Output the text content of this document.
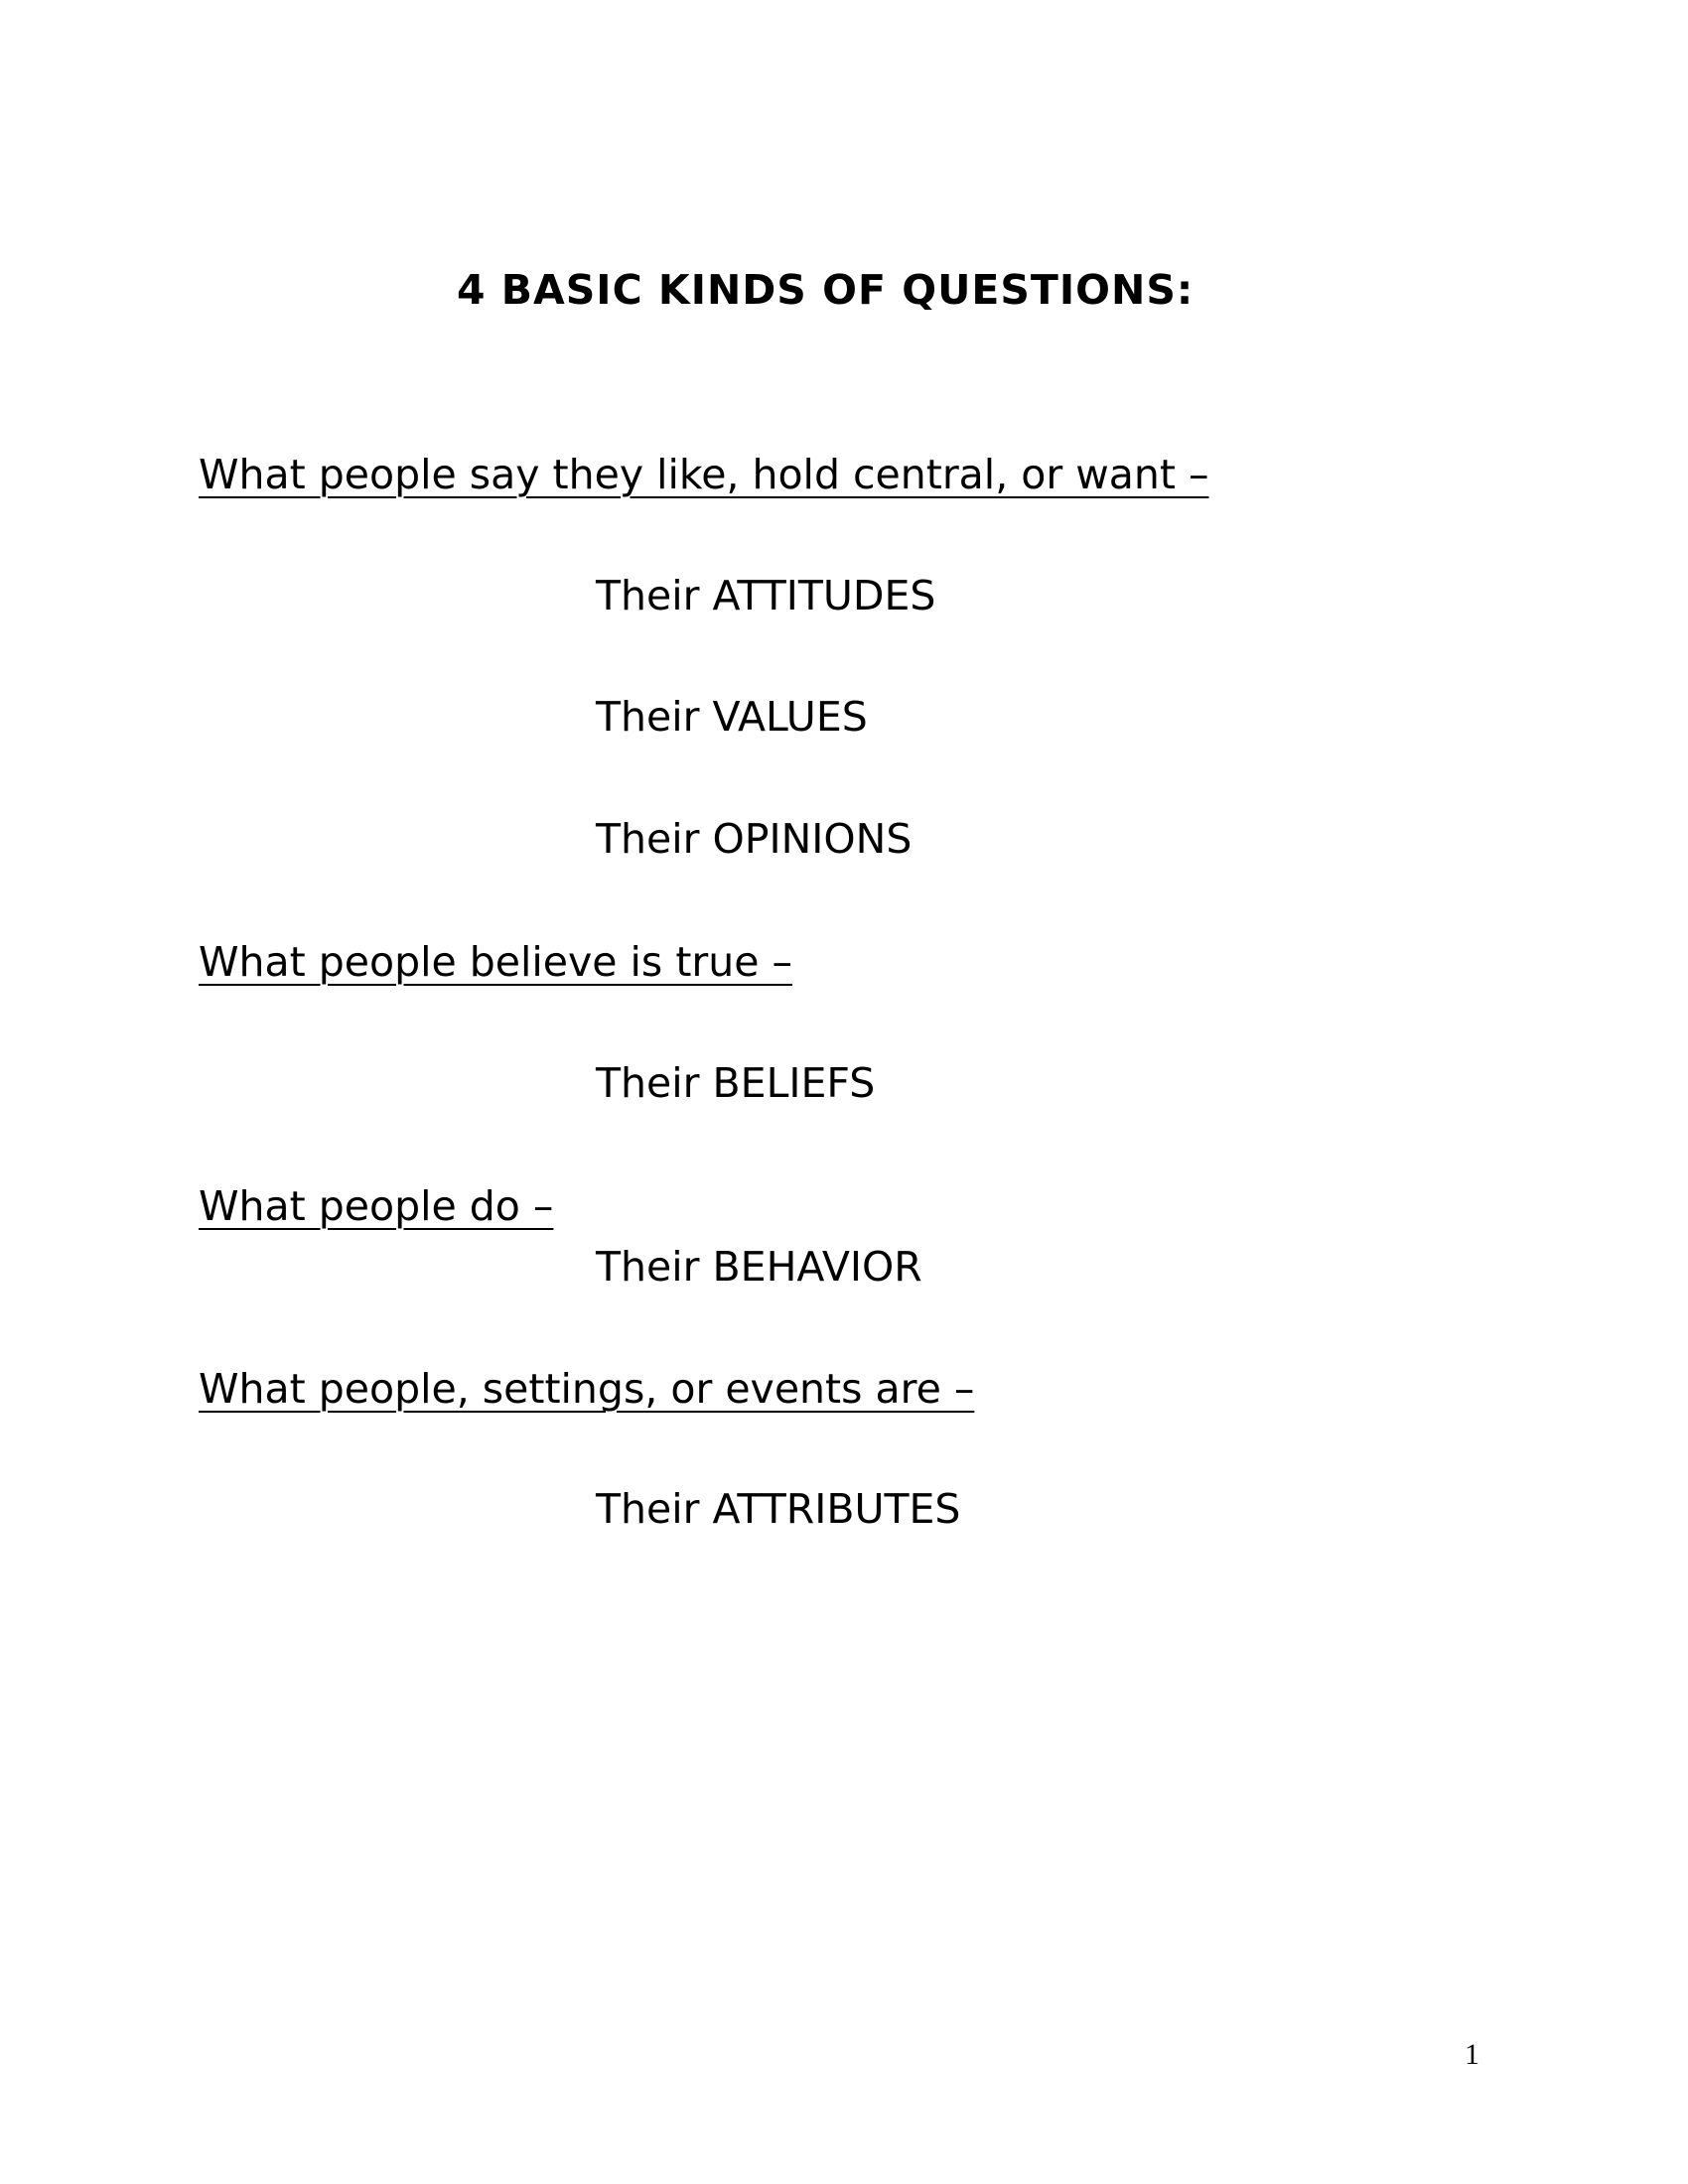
4 BASIC KINDS OF QUESTIONS:
What people say they like, hold central, or want –
Their ATTITUDES
Their VALUES
Their OPINIONS
What people believe is true –
Their BELIEFS
What people do –
Their BEHAVIOR
What people, settings, or events are –
Their ATTRIBUTES
1
